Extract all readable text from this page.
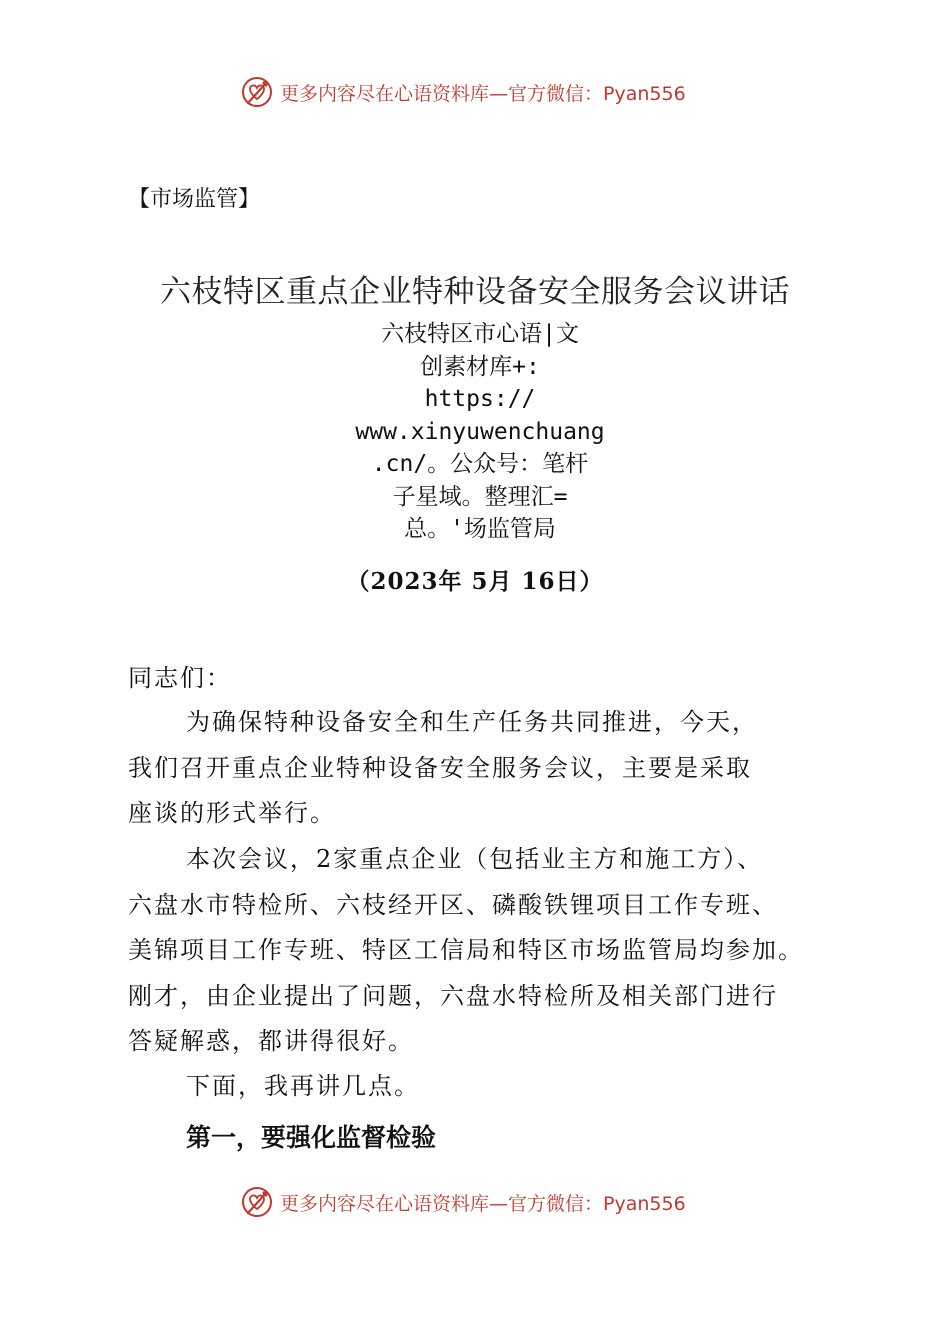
更多内容尽在心语资料库—官方微信：Pyan556
【市场监管】
六枝特区重点企业特种设备安全服务会议讲话
六枝特区市心语|文
创素材库+:
https://
www.xinyuwenchuang
.cn/。公众号：笔杆
子星域。整理汇=
总。'场监管局
（2023年 5月 16日）
同志们：
为确保特种设备安全和生产任务共同推进，今天，
我们召开重点企业特种设备安全服务会议，主要是采取
座谈的形式举行。
本次会议，2家重点企业（包括业主方和施工方）、
六盘水市特检所、六枝经开区、磷酸铁锂项目工作专班、
美锦项目工作专班、特区工信局和特区市场监管局均参加。
刚才，由企业提出了问题，六盘水特检所及相关部门进行
答疑解惑，都讲得很好。
下面，我再讲几点。
第一，要强化监督检验
更多内容尽在心语资料库—官方微信：Pyan556
